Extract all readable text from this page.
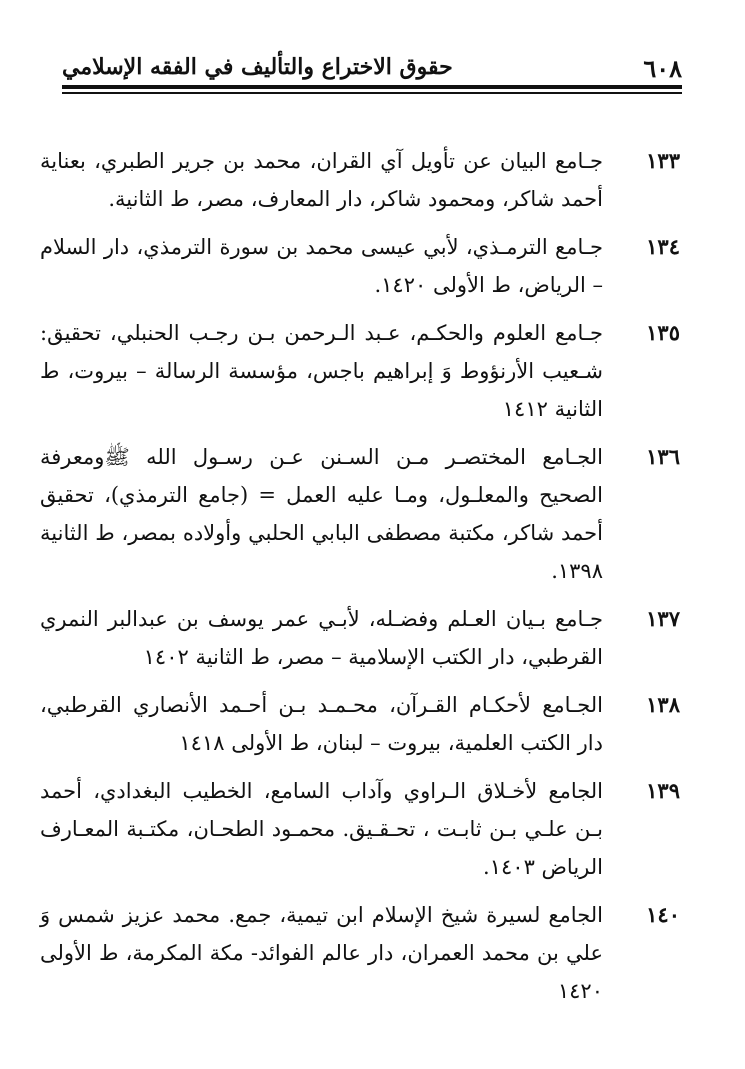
٦٠٨
حقوق الاختراع والتأليف في الفقه الإسلامي
١٣٣
جـامع البيان عن تأويل آي القران، محمد بن جرير الطبري، بعناية أحمد شاكر، ومحمود شاكر، دار المعارف، مصر، ط الثانية.
١٣٤
جـامع الترمـذي، لأبي عيسى محمد بن سورة الترمذي، دار السلام – الرياض، ط الأولى ١٤٢٠.
١٣٥
جـامع العلوم والحكـم، عـبد الـرحمن بـن رجـب الحنبلي، تحقيق: شـعيب الأرنؤوط وَ إبراهيم باجس، مؤسسة الرسالة – بيروت، ط الثانية ١٤١٢
١٣٦
الجـامع المختصـر مـن السـنن عـن رسـول الله ﷺومعرفة الصحيح والمعلـول، ومـا عليه العمل = (جامع الترمذي)، تحقيق أحمد شاكر، مكتبة مصطفى البابي الحلبي وأولاده بمصر، ط الثانية ١٣٩٨.
١٣٧
جـامع بـيان العـلم وفضـله، لأبـي عمر يوسف بن عبدالبر النمري القرطبي، دار الكتب الإسلامية – مصر، ط الثانية ١٤٠٢
١٣٨
الجـامع لأحكـام القـرآن، محـمـد بـن أحـمد الأنصاري القرطبي، دار الكتب العلمية، بيروت – لبنان، ط الأولى ١٤١٨
١٣٩
الجامع لأخـلاق الـراوي وآداب السامع، الخطيب البغدادي، أحمد بـن علـي بـن ثابـت ، تحـقـيق. محمـود الطحـان، مكتـبة المعـارف الرياض ١٤٠٣.
١٤٠
الجامع لسيرة شيخ الإسلام ابن تيمية، جمع. محمد عزيز شمس وَ علي بن محمد العمران، دار عالم الفوائد- مكة المكرمة، ط الأولى ١٤٢٠
